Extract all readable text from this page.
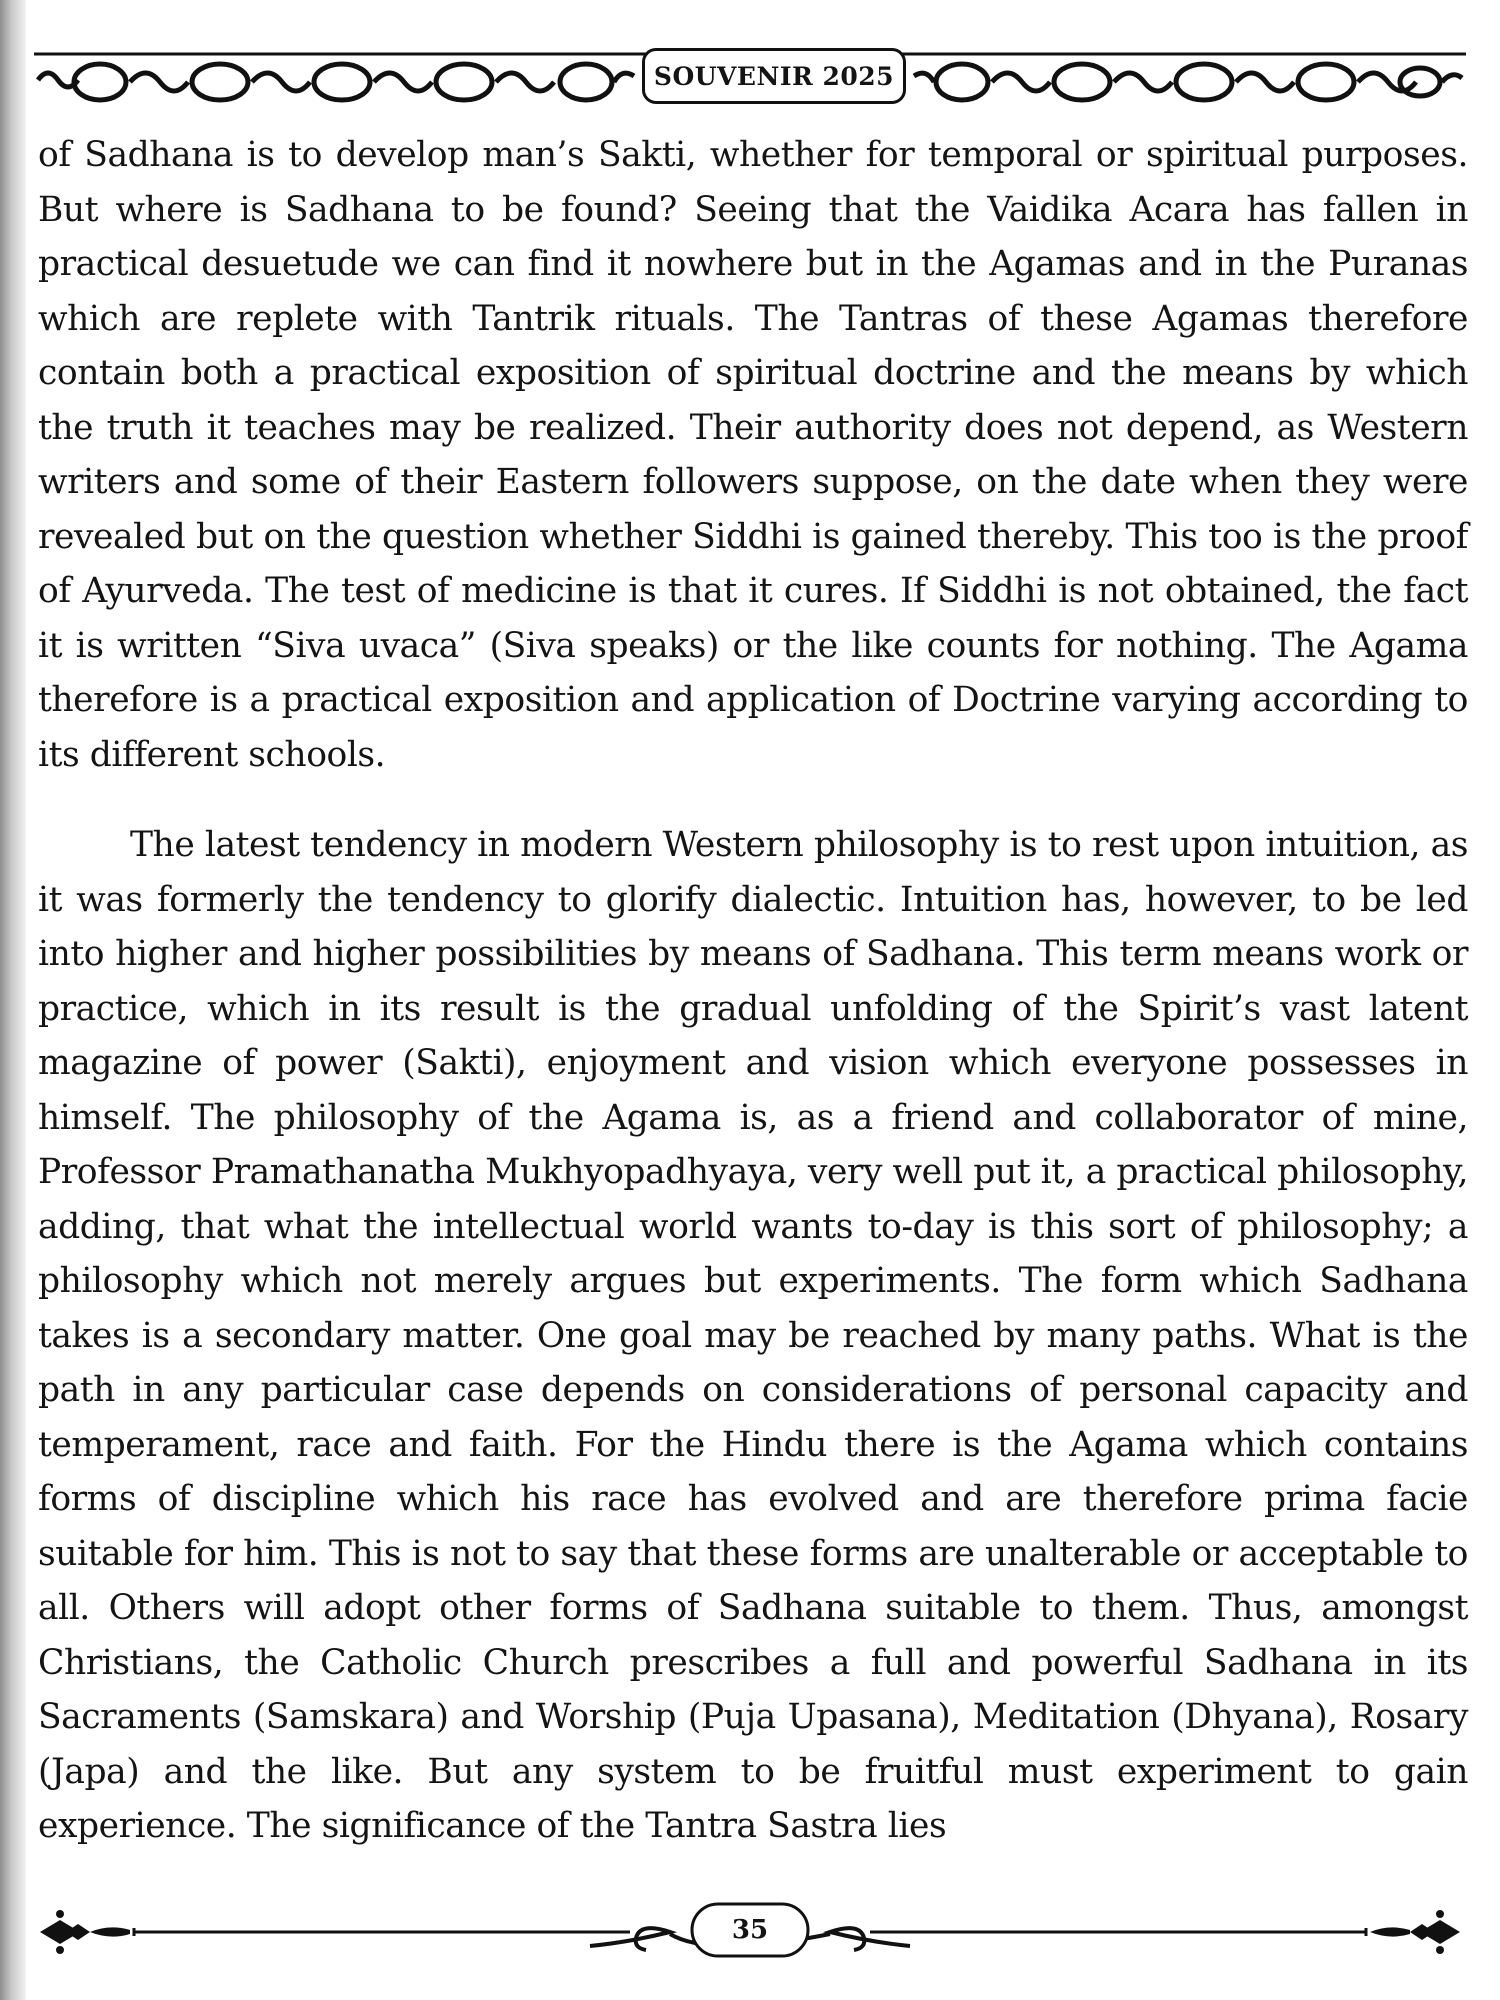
SOUVENIR 2025

of Sadhana is to develop man’s Sakti, whether for temporal or spiritual purposes. But where is Sadhana to be found? Seeing that the Vaidika Acara has fallen in practical desuetude we can find it nowhere but in the Agamas and in the Puranas which are replete with Tantrik rituals. The Tantras of these Agamas therefore contain both a practical exposition of spiritual doctrine and the means by which the truth it teaches may be realized. Their authority does not depend, as Western writers and some of their Eastern followers suppose, on the date when they were revealed but on the question whether Siddhi is gained thereby. This too is the proof of Ayurveda. The test of medicine is that it cures. If Siddhi is not obtained, the fact it is written “Siva uvaca” (Siva speaks) or the like counts for nothing. The Agama therefore is a practical exposition and application of Doctrine varying according to its different schools.

The latest tendency in modern Western philosophy is to rest upon intuition, as it was formerly the tendency to glorify dialectic. Intuition has, however, to be led into higher and higher possibilities by means of Sadhana. This term means work or practice, which in its result is the gradual unfolding of the Spirit’s vast latent magazine of power (Sakti), enjoyment and vision which everyone possesses in himself. The philosophy of the Agama is, as a friend and collaborator of mine, Professor Pramathanatha Mukhyopadhyaya, very well put it, a practical philosophy, adding, that what the intellectual world wants to-day is this sort of philosophy; a philosophy which not merely argues but experiments. The form which Sadhana takes is a secondary matter. One goal may be reached by many paths. What is the path in any particular case depends on considerations of personal capacity and temperament, race and faith. For the Hindu there is the Agama which contains forms of discipline which his race has evolved and are therefore prima facie suitable for him. This is not to say that these forms are unalterable or acceptable to all. Others will adopt other forms of Sadhana suitable to them. Thus, amongst Christians, the Catholic Church prescribes a full and powerful Sadhana in its Sacraments (Samskara) and Worship (Puja Upasana), Meditation (Dhyana), Rosary (Japa) and the like. But any system to be fruitful must experiment to gain experience. The significance of the Tantra Sastra lies

35
